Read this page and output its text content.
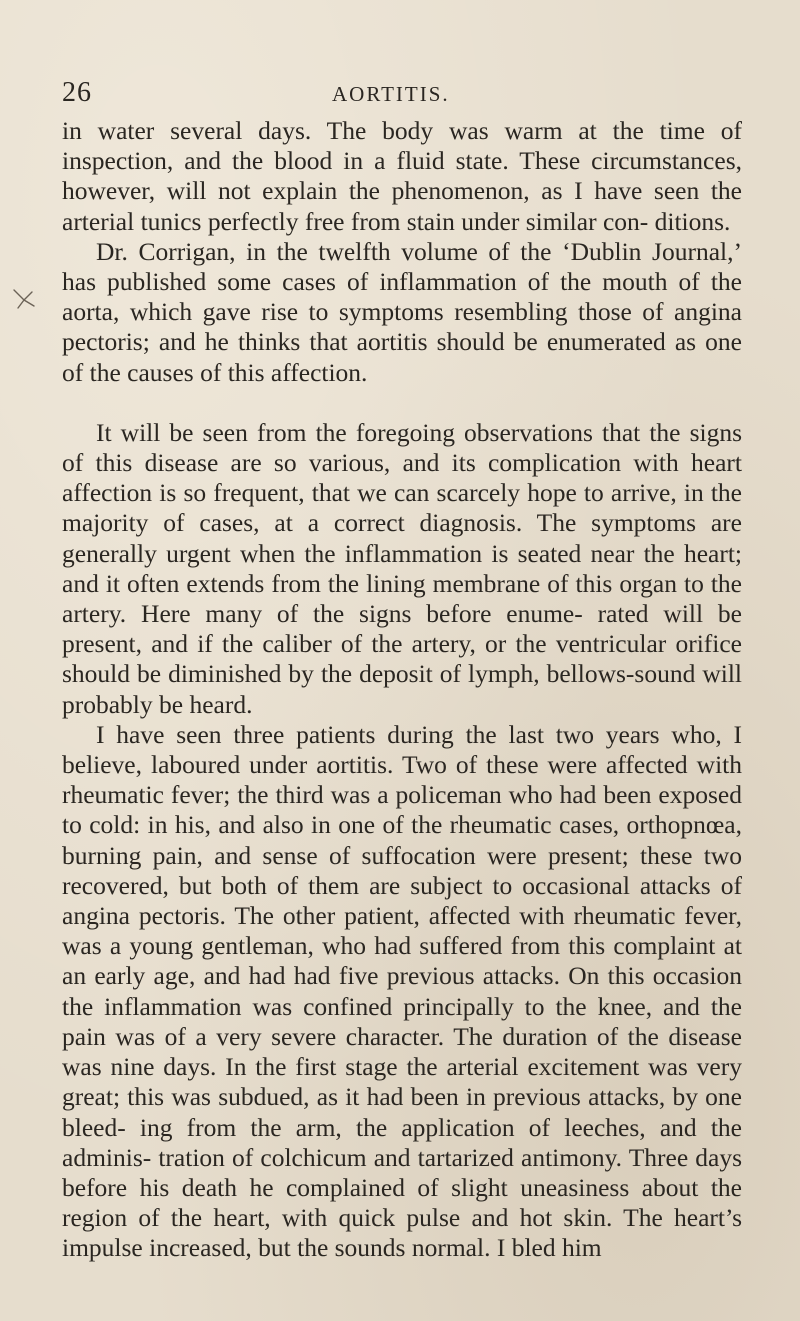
26	AORTITIS.

in water several days. The body was warm at the time of inspection, and the blood in a fluid state. These circumstances, however, will not explain the phenomenon, as I have seen the arterial tunics perfectly free from stain under similar con- ditions.

Dr. Corrigan, in the twelfth volume of the ‘Dublin Journal,’ has published some cases of inflammation of the mouth of the aorta, which gave rise to symptoms resembling those of angina pectoris; and he thinks that aortitis should be enumerated as one of the causes of this affection.

It will be seen from the foregoing observations that the signs of this disease are so various, and its complication with heart affection is so frequent, that we can scarcely hope to arrive, in the majority of cases, at a correct diagnosis. The symptoms are generally urgent when the inflammation is seated near the heart; and it often extends from the lining membrane of this organ to the artery. Here many of the signs before enume- rated will be present, and if the caliber of the artery, or the ventricular orifice should be diminished by the deposit of lymph, bellows-sound will probably be heard.

I have seen three patients during the last two years who, I believe, laboured under aortitis. Two of these were affected with rheumatic fever; the third was a policeman who had been exposed to cold: in his, and also in one of the rheumatic cases, orthopnœa, burning pain, and sense of suffocation were present; these two recovered, but both of them are subject to occasional attacks of angina pectoris. The other patient, affected with rheumatic fever, was a young gentleman, who had suffered from this complaint at an early age, and had had five previous attacks. On this occasion the inflammation was confined principally to the knee, and the pain was of a very severe character. The duration of the disease was nine days. In the first stage the arterial excitement was very great; this was subdued, as it had been in previous attacks, by one bleed- ing from the arm, the application of leeches, and the adminis- tration of colchicum and tartarized antimony. Three days before his death he complained of slight uneasiness about the region of the heart, with quick pulse and hot skin. The heart’s impulse increased, but the sounds normal. I bled him
